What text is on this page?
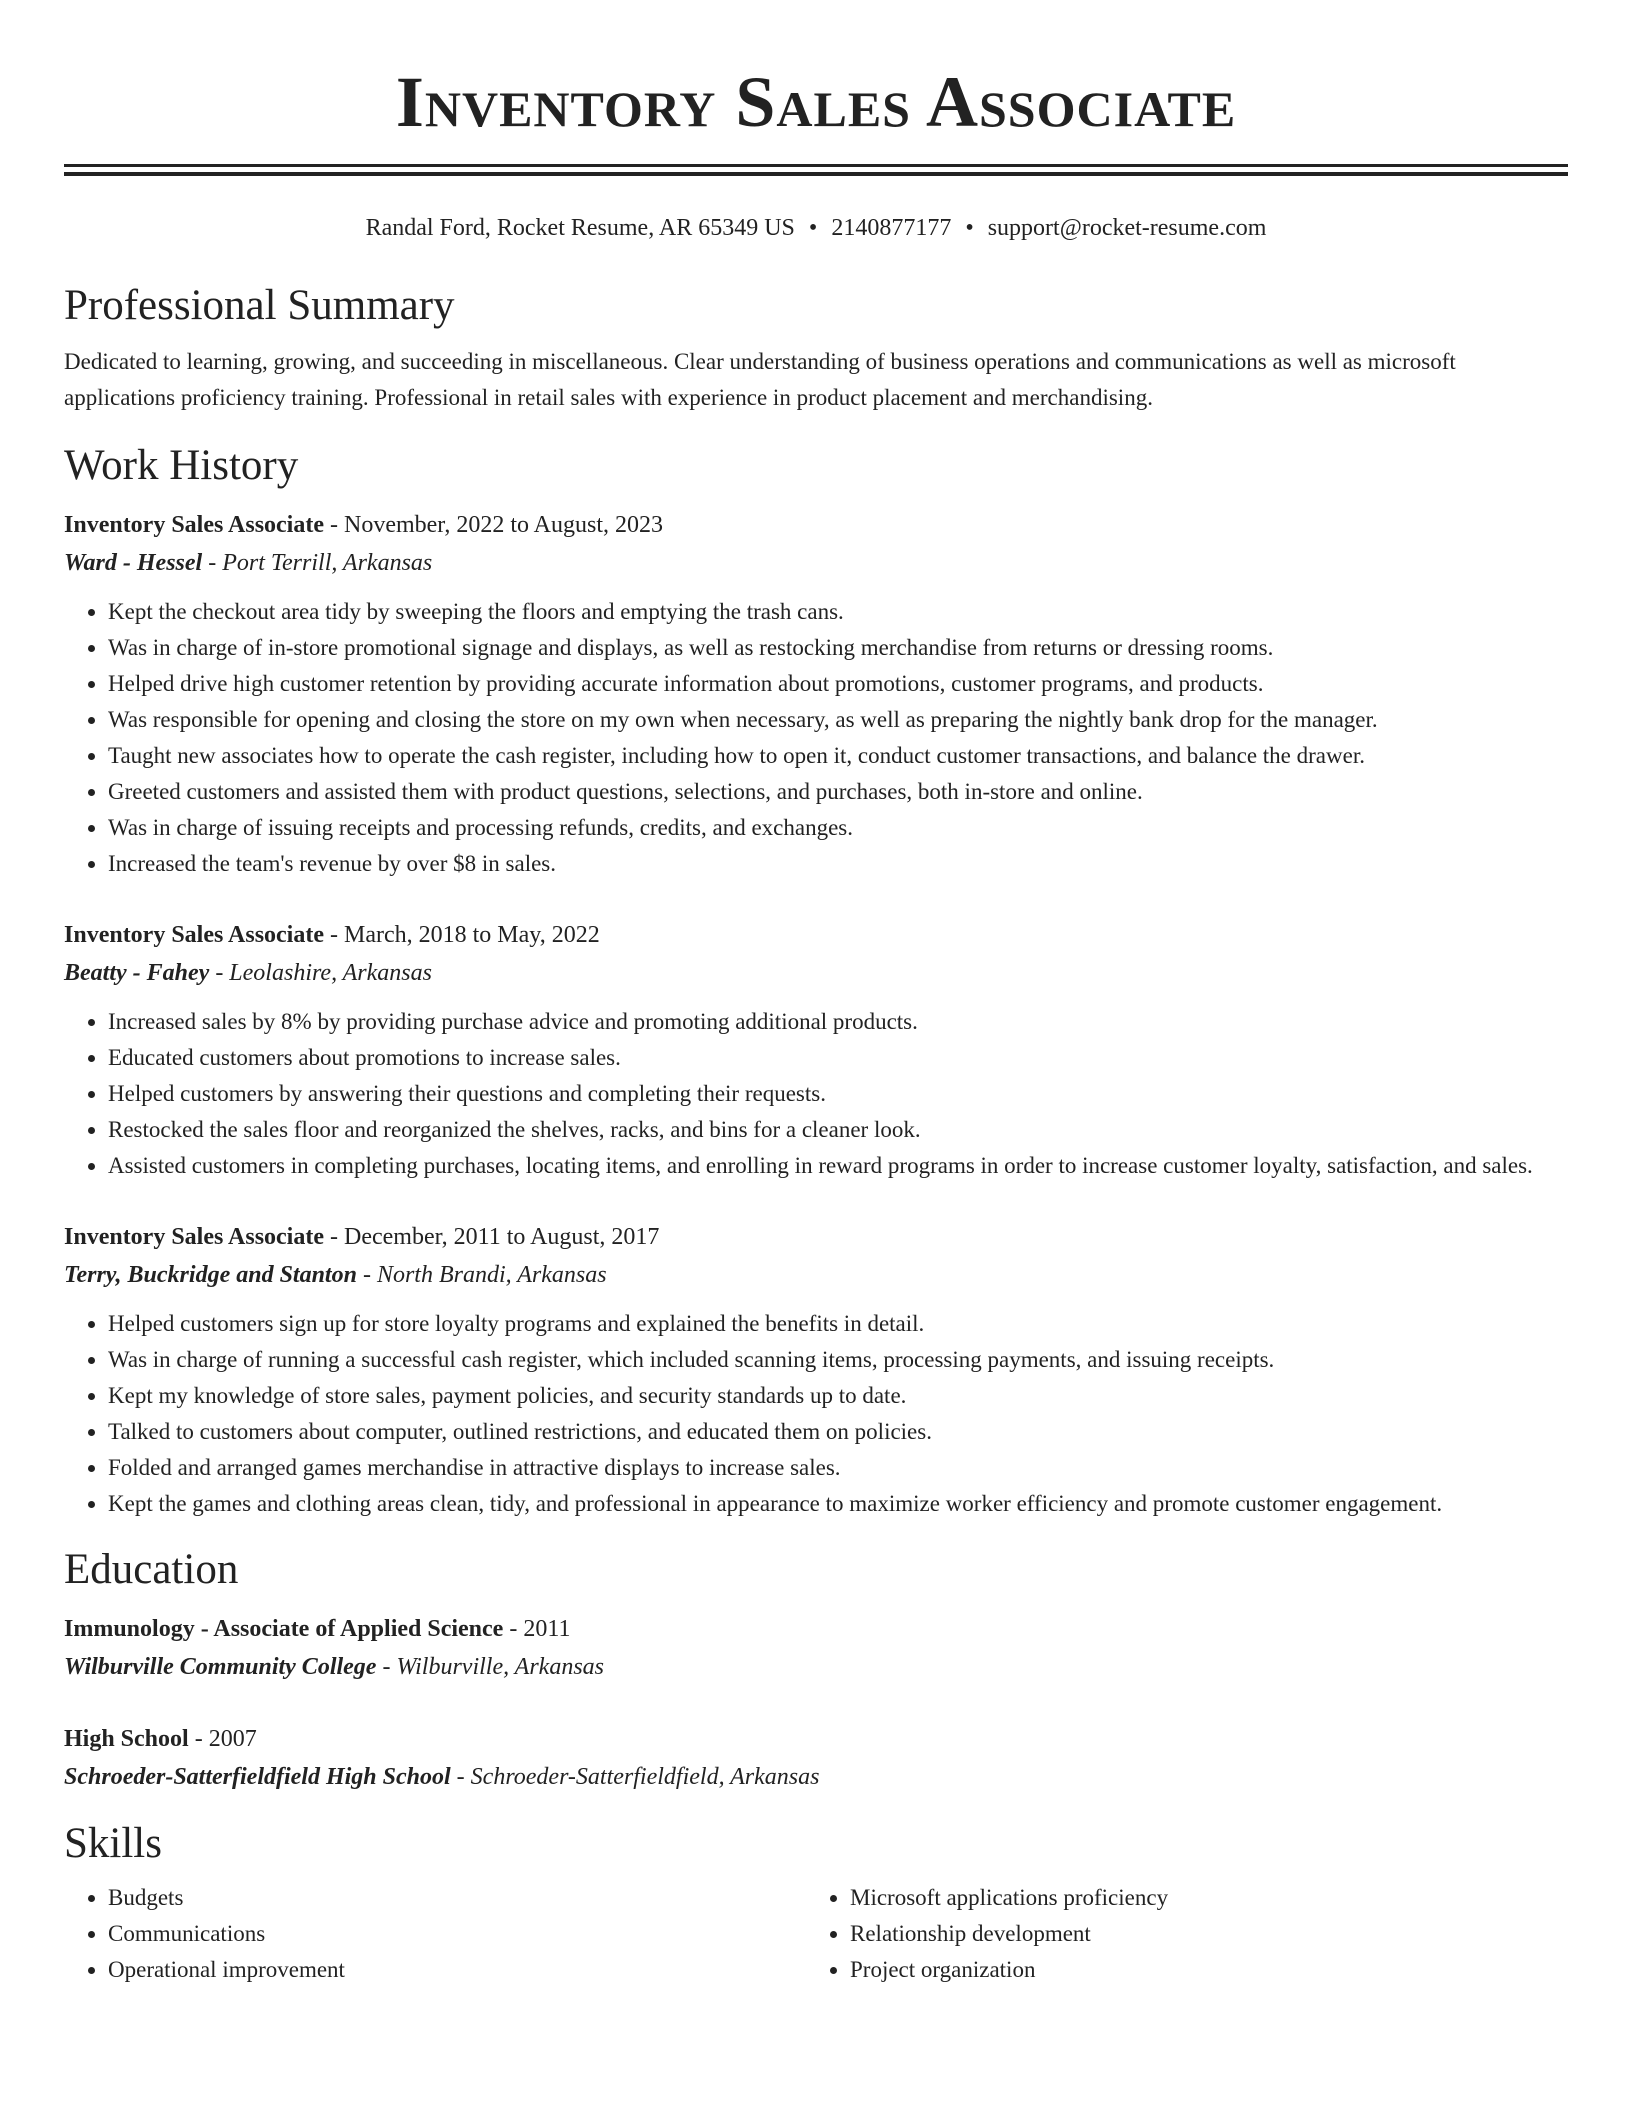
Inventory Sales Associate
Randal Ford, Rocket Resume, AR 65349 US • 2140877177 • support@rocket-resume.com
Professional Summary
Dedicated to learning, growing, and succeeding in miscellaneous. Clear understanding of business operations and communications as well as microsoft applications proficiency training. Professional in retail sales with experience in product placement and merchandising.
Work History
Inventory Sales Associate - November, 2022 to August, 2023
Ward - Hessel - Port Terrill, Arkansas
• Kept the checkout area tidy by sweeping the floors and emptying the trash cans.
• Was in charge of in-store promotional signage and displays, as well as restocking merchandise from returns or dressing rooms.
• Helped drive high customer retention by providing accurate information about promotions, customer programs, and products.
• Was responsible for opening and closing the store on my own when necessary, as well as preparing the nightly bank drop for the manager.
• Taught new associates how to operate the cash register, including how to open it, conduct customer transactions, and balance the drawer.
• Greeted customers and assisted them with product questions, selections, and purchases, both in-store and online.
• Was in charge of issuing receipts and processing refunds, credits, and exchanges.
• Increased the team's revenue by over $8 in sales.
Inventory Sales Associate - March, 2018 to May, 2022
Beatty - Fahey - Leolashire, Arkansas
• Increased sales by 8% by providing purchase advice and promoting additional products.
• Educated customers about promotions to increase sales.
• Helped customers by answering their questions and completing their requests.
• Restocked the sales floor and reorganized the shelves, racks, and bins for a cleaner look.
• Assisted customers in completing purchases, locating items, and enrolling in reward programs in order to increase customer loyalty, satisfaction, and sales.
Inventory Sales Associate - December, 2011 to August, 2017
Terry, Buckridge and Stanton - North Brandi, Arkansas
• Helped customers sign up for store loyalty programs and explained the benefits in detail.
• Was in charge of running a successful cash register, which included scanning items, processing payments, and issuing receipts.
• Kept my knowledge of store sales, payment policies, and security standards up to date.
• Talked to customers about computer, outlined restrictions, and educated them on policies.
• Folded and arranged games merchandise in attractive displays to increase sales.
• Kept the games and clothing areas clean, tidy, and professional in appearance to maximize worker efficiency and promote customer engagement.
Education
Immunology - Associate of Applied Science - 2011
Wilburville Community College - Wilburville, Arkansas
High School - 2007
Schroeder-Satterfieldfield High School - Schroeder-Satterfieldfield, Arkansas
Skills
• Budgets
• Communications
• Operational improvement
• Microsoft applications proficiency
• Relationship development
• Project organization
